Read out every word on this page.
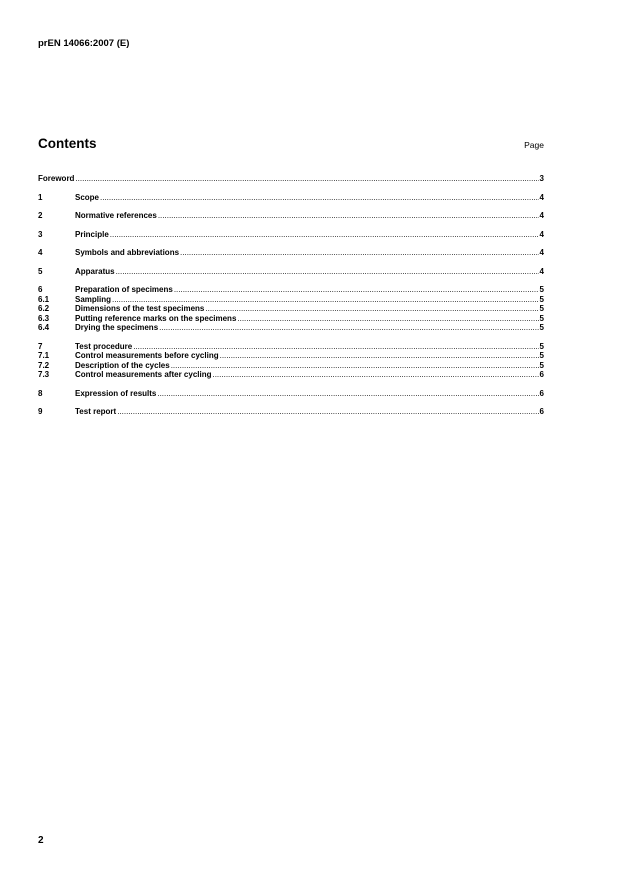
prEN 14066:2007 (E)
Contents	Page
Foreword .....	3
1	Scope .....	4
2	Normative references .....	4
3	Principle .....	4
4	Symbols and abbreviations .....	4
5	Apparatus .....	4
6	Preparation of specimens .....	5
6.1	Sampling .....	5
6.2	Dimensions of the test specimens .....	5
6.3	Putting reference marks on the specimens .....	5
6.4	Drying the specimens .....	5
7	Test procedure .....	5
7.1	Control measurements before cycling .....	5
7.2	Description of the cycles .....	5
7.3	Control measurements after cycling .....	6
8	Expression of results .....	6
9	Test report .....	6
2
